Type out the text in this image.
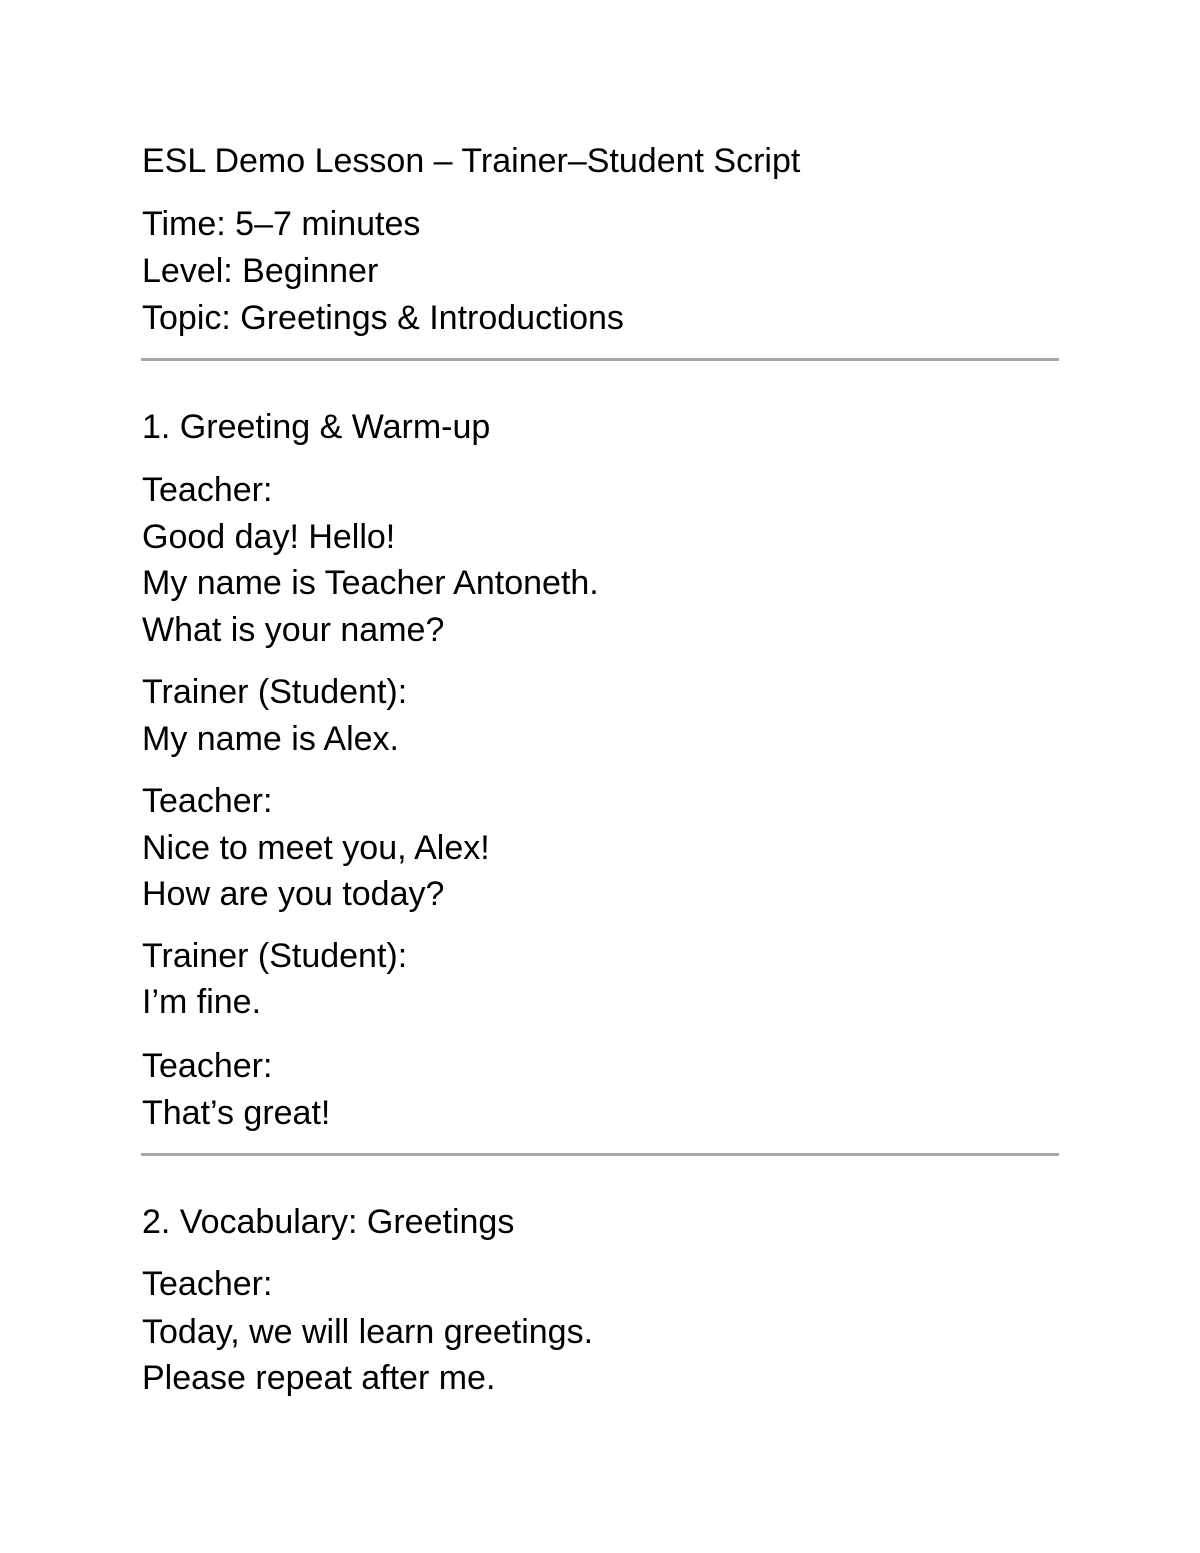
ESL Demo Lesson – Trainer–Student Script

Time: 5–7 minutes

Level: Beginner

Topic: Greetings & Introductions

1. Greeting & Warm-up

Teacher:

Good day! Hello!

My name is Teacher Antoneth.

What is your name?

Trainer (Student):

My name is Alex.

Teacher:

Nice to meet you, Alex!

How are you today?

Trainer (Student):

I’m fine.

Teacher:

That’s great!

2. Vocabulary: Greetings

Teacher:

Today, we will learn greetings.

Please repeat after me.
